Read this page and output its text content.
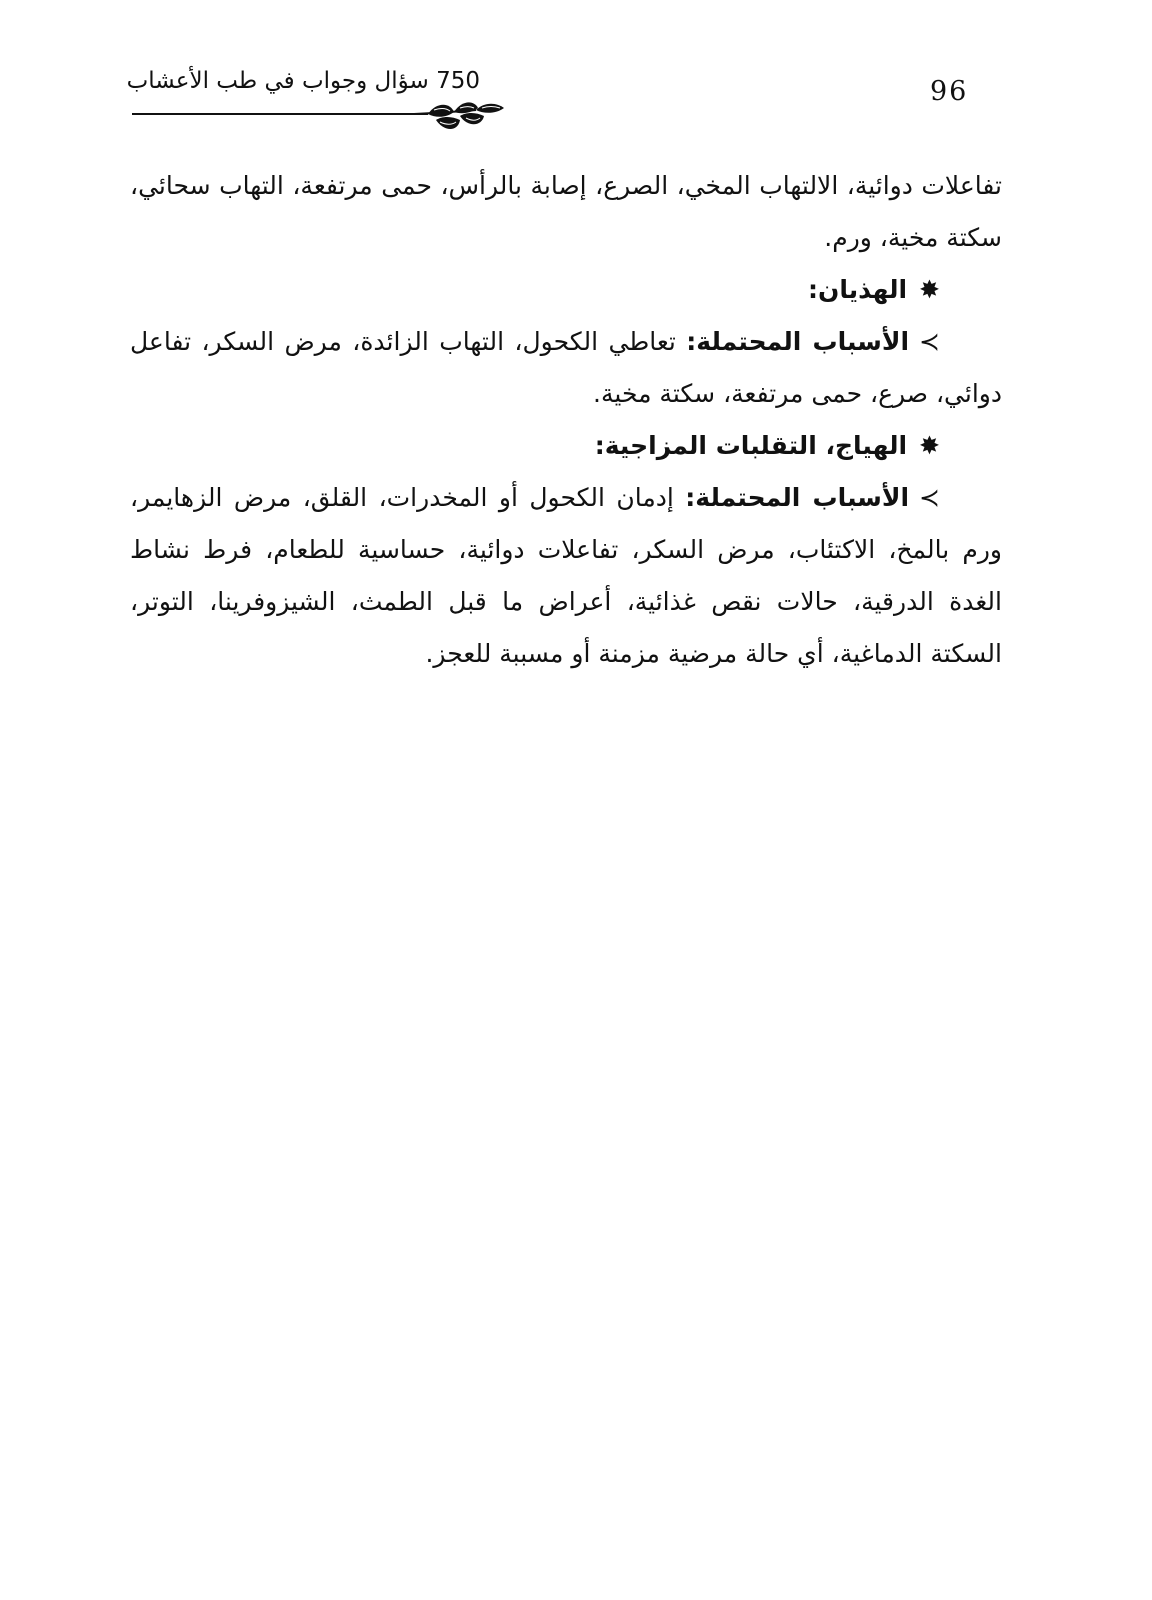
96
750 سؤال وجواب في طب الأعشاب

تفاعلات دوائية، الالتهاب المخي، الصرع، إصابة بالرأس، حمى مرتفعة، التهاب سحائي، سكتة مخية، ورم.

✸الهذيان:

≻الأسباب المحتملة: تعاطي الكحول، التهاب الزائدة، مرض السكر، تفاعل دوائي، صرع، حمى مرتفعة، سكتة مخية.

✸الهياج، التقلبات المزاجية:

≻الأسباب المحتملة: إدمان الكحول أو المخدرات، القلق، مرض الزهايمر، ورم بالمخ، الاكتئاب، مرض السكر، تفاعلات دوائية، حساسية للطعام، فرط نشاط الغدة الدرقية، حالات نقص غذائية، أعراض ما قبل الطمث، الشيزوفرينا، التوتر، السكتة الدماغية، أي حالة مرضية مزمنة أو مسببة للعجز.
